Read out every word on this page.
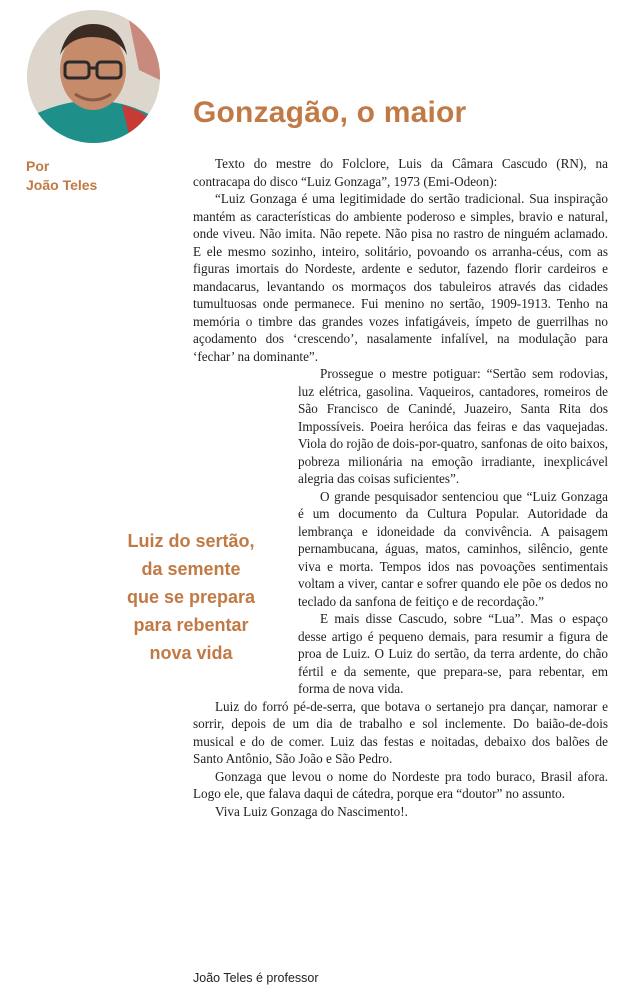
Gonzagão, o maior
Por
João Teles
Luiz do sertão,
da semente
que se prepara
para rebentar
nova vida

Texto do mestre do Folclore, Luis da Câmara Cascudo (RN), na contracapa do disco “Luiz Gonzaga”, 1973 (Emi-Odeon):

“Luiz Gonzaga é uma legitimidade do sertão tradicional. Sua inspiração mantém as características do ambiente poderoso e simples, bravio e natural, onde viveu. Não imita. Não repete. Não pisa no rastro de ninguém aclamado. E ele mesmo sozinho, inteiro, solitário, povoando os arranha-céus, com as figuras imortais do Nordeste, ardente e sedutor, fazendo florir cardeiros e mandacarus, levantando os mormaços dos tabuleiros através das cidades tumultuosas onde permanece. Fui menino no sertão, 1909-1913. Tenho na memória o timbre das grandes vozes infatigáveis, ímpeto de guerrilhas no açodamento dos ‘crescendo’, nasalamente infalível, na modulação para ‘fechar’ na dominante”.

Prossegue o mestre potiguar: “Sertão sem rodovias, luz elétrica, gasolina. Vaqueiros, cantadores, romeiros de São Francisco de Canindé, Juazeiro, Santa Rita dos Impossíveis. Poeira heróica das feiras e das vaquejadas. Viola do rojão de dois-por-quatro, sanfonas de oito baixos, pobreza milionária na emoção irradiante, inexplicável alegria das coisas suficientes”.

O grande pesquisador sentenciou que “Luiz Gonzaga é um documento da Cultura Popular. Autoridade da lembrança e idoneidade da convivência. A paisagem pernambucana, águas, matos, caminhos, silêncio, gente viva e morta. Tempos idos nas povoações sentimentais voltam a viver, cantar e sofrer quando ele põe os dedos no teclado da sanfona de feitiço e de recordação.”

E mais disse Cascudo, sobre “Lua”. Mas o espaço desse artigo é pequeno demais, para resumir a figura de proa de Luiz. O Luiz do sertão, da terra ardente, do chão fértil e da semente, que prepara-se, para rebentar, em forma de nova vida.

Luiz do forró pé-de-serra, que botava o sertanejo pra dançar, namorar e sorrir, depois de um dia de trabalho e sol inclemente. Do baião-de-dois musical e do de comer. Luiz das festas e noitadas, debaixo dos balões de Santo Antônio, São João e São Pedro.

Gonzaga que levou o nome do Nordeste pra todo buraco, Brasil afora. Logo ele, que falava daqui de cátedra, porque era “doutor” no assunto.

Viva Luiz Gonzaga do Nascimento!.

João Teles é professor
